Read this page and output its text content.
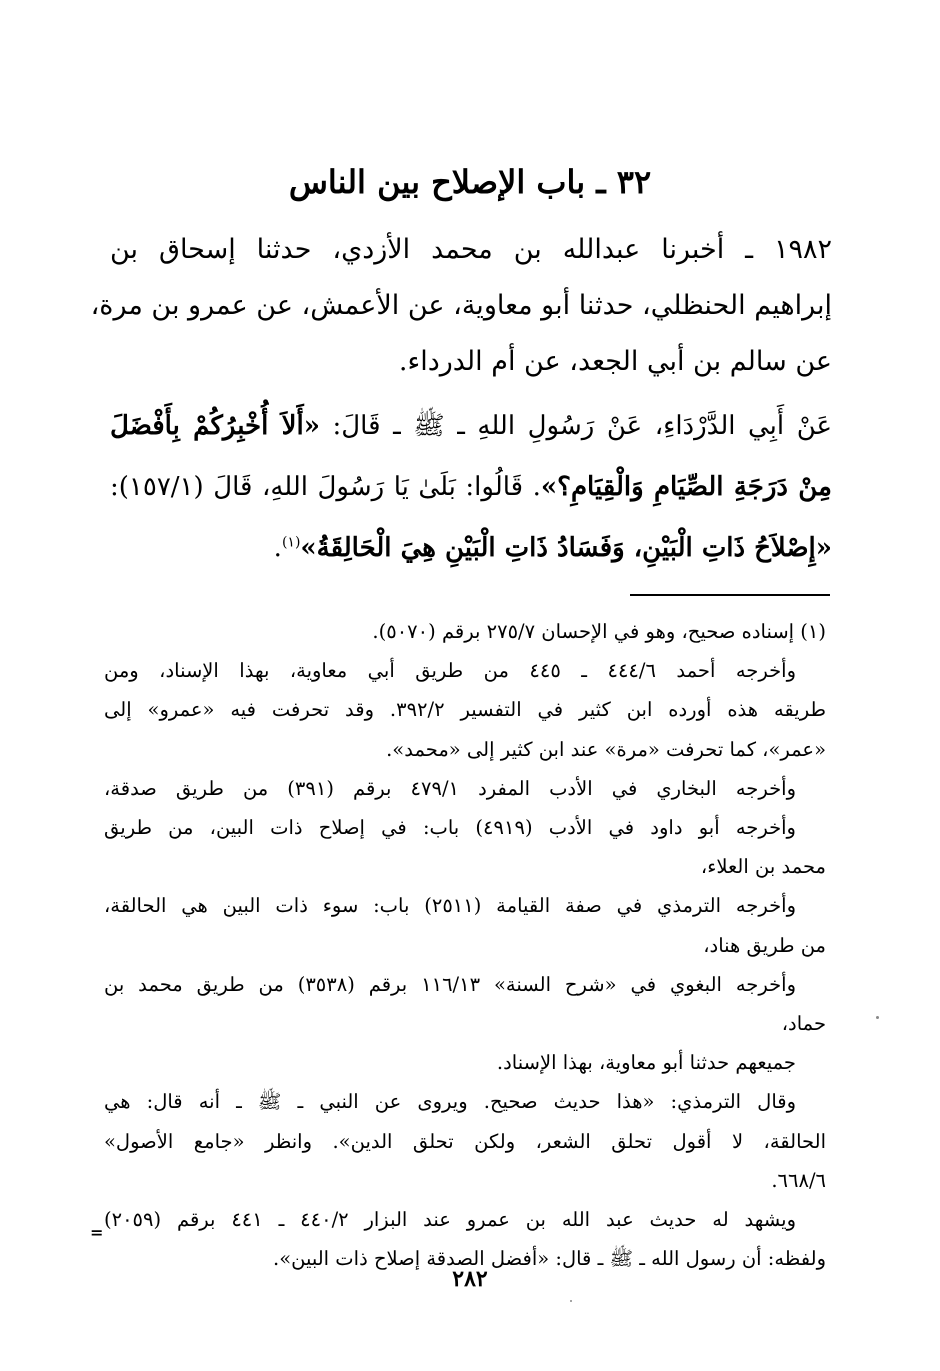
٣٢ ـ باب الإصلاح بين الناس
١٩٨٢ ـ أخبرنا عبدالله بن محمد الأزدي، حدثنا إسحاق بن
إبراهيم الحنظلي، حدثنا أبو معاوية، عن الأعمش، عن عمرو بن مرة،
عن سالم بن أبي الجعد، عن أم الدرداء.
عَنْ أَبِي الدَّرْدَاءِ، عَنْ رَسُولِ اللهِ ـ ﷺ ـ قَالَ: «أَلاَ أُخْبِرُكُمْ بِأَفْضَلَ
مِنْ دَرَجَةِ الصِّيَامِ وَالْقِيَامِ؟». قَالُوا: بَلَىٰ يَا رَسُولَ اللهِ، قَالَ (١٥٧/١):
«إِصْلاَحُ ذَاتِ الْبَيْنِ، وَفَسَادُ ذَاتِ الْبَيْنِ هِيَ الْحَالِقَةُ»$^{(١)}$.
(١) إسناده صحيح، وهو في الإحسان ٢٧٥/٧ برقم (٥٠٧٠).
وأخرجه أحمد ٤٤٤/٦ ـ ٤٤٥ من طريق أبي معاوية، بهذا الإسناد، ومن
طريقه هذه أورده ابن كثير في التفسير ٣٩٢/٢. وقد تحرفت فيه «عمرو» إلى
«عمر»، كما تحرفت «مرة» عند ابن كثير إلى «محمد».
وأخرجه البخاري في الأدب المفرد ٤٧٩/١ برقم (٣٩١) من طريق صدقة،
وأخرجه أبو داود في الأدب (٤٩١٩) باب: في إصلاح ذات البين، من طريق
محمد بن العلاء،
وأخرجه الترمذي في صفة القيامة (٢٥١١) باب: سوء ذات البين هي الحالقة،
من طريق هناد،
وأخرجه البغوي في «شرح السنة» ١١٦/١٣ برقم (٣٥٣٨) من طريق محمد بن
حماد،
جميعهم حدثنا أبو معاوية، بهذا الإسناد.
وقال الترمذي: «هذا حديث صحيح. ويروى عن النبي ـ ﷺ ـ أنه قال: هي
الحالقة، لا أقول تحلق الشعر، ولكن تحلق الدين». وانظر «جامع الأصول»
٦٦٨/٦.
ويشهد له حديث عبد الله بن عمرو عند البزار ٤٤٠/٢ ـ ٤٤١ برقم (٢٠٥٩)
ولفظه: أن رسول الله ـ ﷺ ـ قال: «أفضل الصدقة إصلاح ذات البين».
=
٢٨٢
